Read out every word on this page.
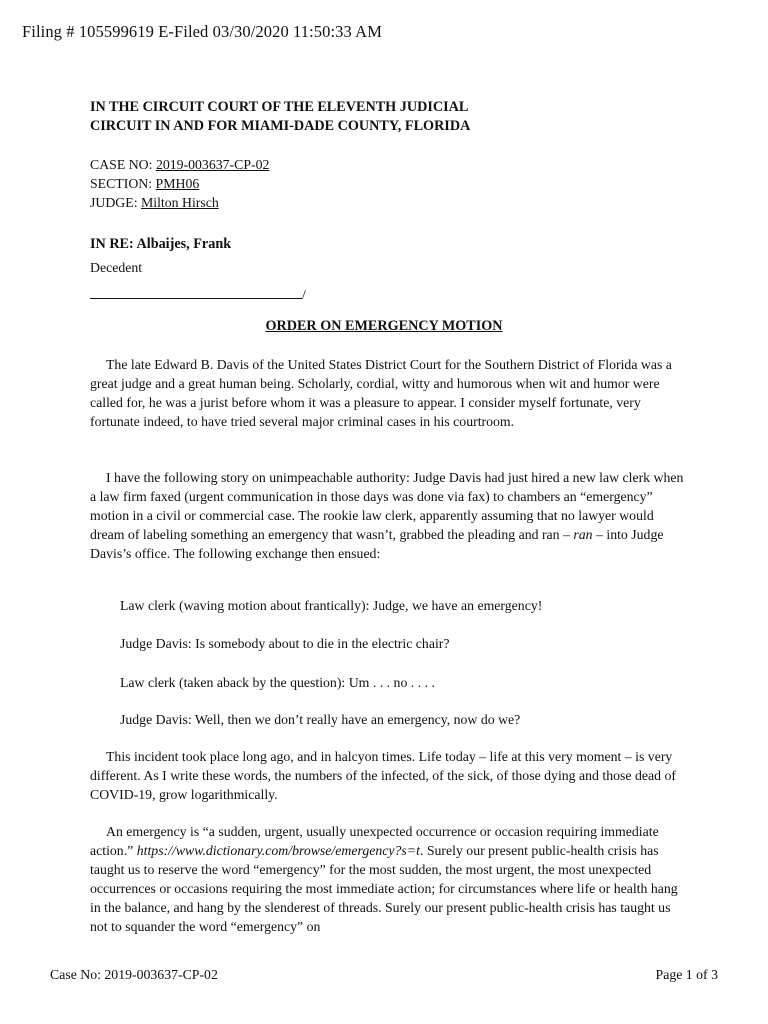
Filing # 105599619 E-Filed 03/30/2020 11:50:33 AM
IN THE CIRCUIT COURT OF THE ELEVENTH JUDICIAL
CIRCUIT IN AND FOR MIAMI-DADE COUNTY, FLORIDA
CASE NO: 2019-003637-CP-02
SECTION: PMH06
JUDGE: Milton Hirsch
IN RE: Albaijes, Frank
Decedent
/
ORDER ON EMERGENCY MOTION

The late Edward B. Davis of the United States District Court for the Southern District of Florida was a great judge and a great human being. Scholarly, cordial, witty and humorous when wit and humor were called for, he was a jurist before whom it was a pleasure to appear. I consider myself fortunate, very fortunate indeed, to have tried several major criminal cases in his courtroom.

I have the following story on unimpeachable authority: Judge Davis had just hired a new law clerk when a law firm faxed (urgent communication in those days was done via fax) to chambers an “emergency” motion in a civil or commercial case. The rookie law clerk, apparently assuming that no lawyer would dream of labeling something an emergency that wasn’t, grabbed the pleading and ran – ran – into Judge Davis’s office. The following exchange then ensued:

Law clerk (waving motion about frantically): Judge, we have an emergency!
Judge Davis: Is somebody about to die in the electric chair?
Law clerk (taken aback by the question): Um . . . no . . . .
Judge Davis: Well, then we don’t really have an emergency, now do we?

This incident took place long ago, and in halcyon times. Life today – life at this very moment – is very different. As I write these words, the numbers of the infected, of the sick, of those dying and those dead of COVID-19, grow logarithmically.

An emergency is “a sudden, urgent, usually unexpected occurrence or occasion requiring immediate action.” https://www.dictionary.com/browse/emergency?s=t. Surely our present public-health crisis has taught us to reserve the word “emergency” for the most sudden, the most urgent, the most unexpected occurrences or occasions requiring the most immediate action; for circumstances where life or health hang in the balance, and hang by the slenderest of threads. Surely our present public-health crisis has taught us not to squander the word “emergency” on

Case No: 2019-003637-CP-02	Page 1 of 3
